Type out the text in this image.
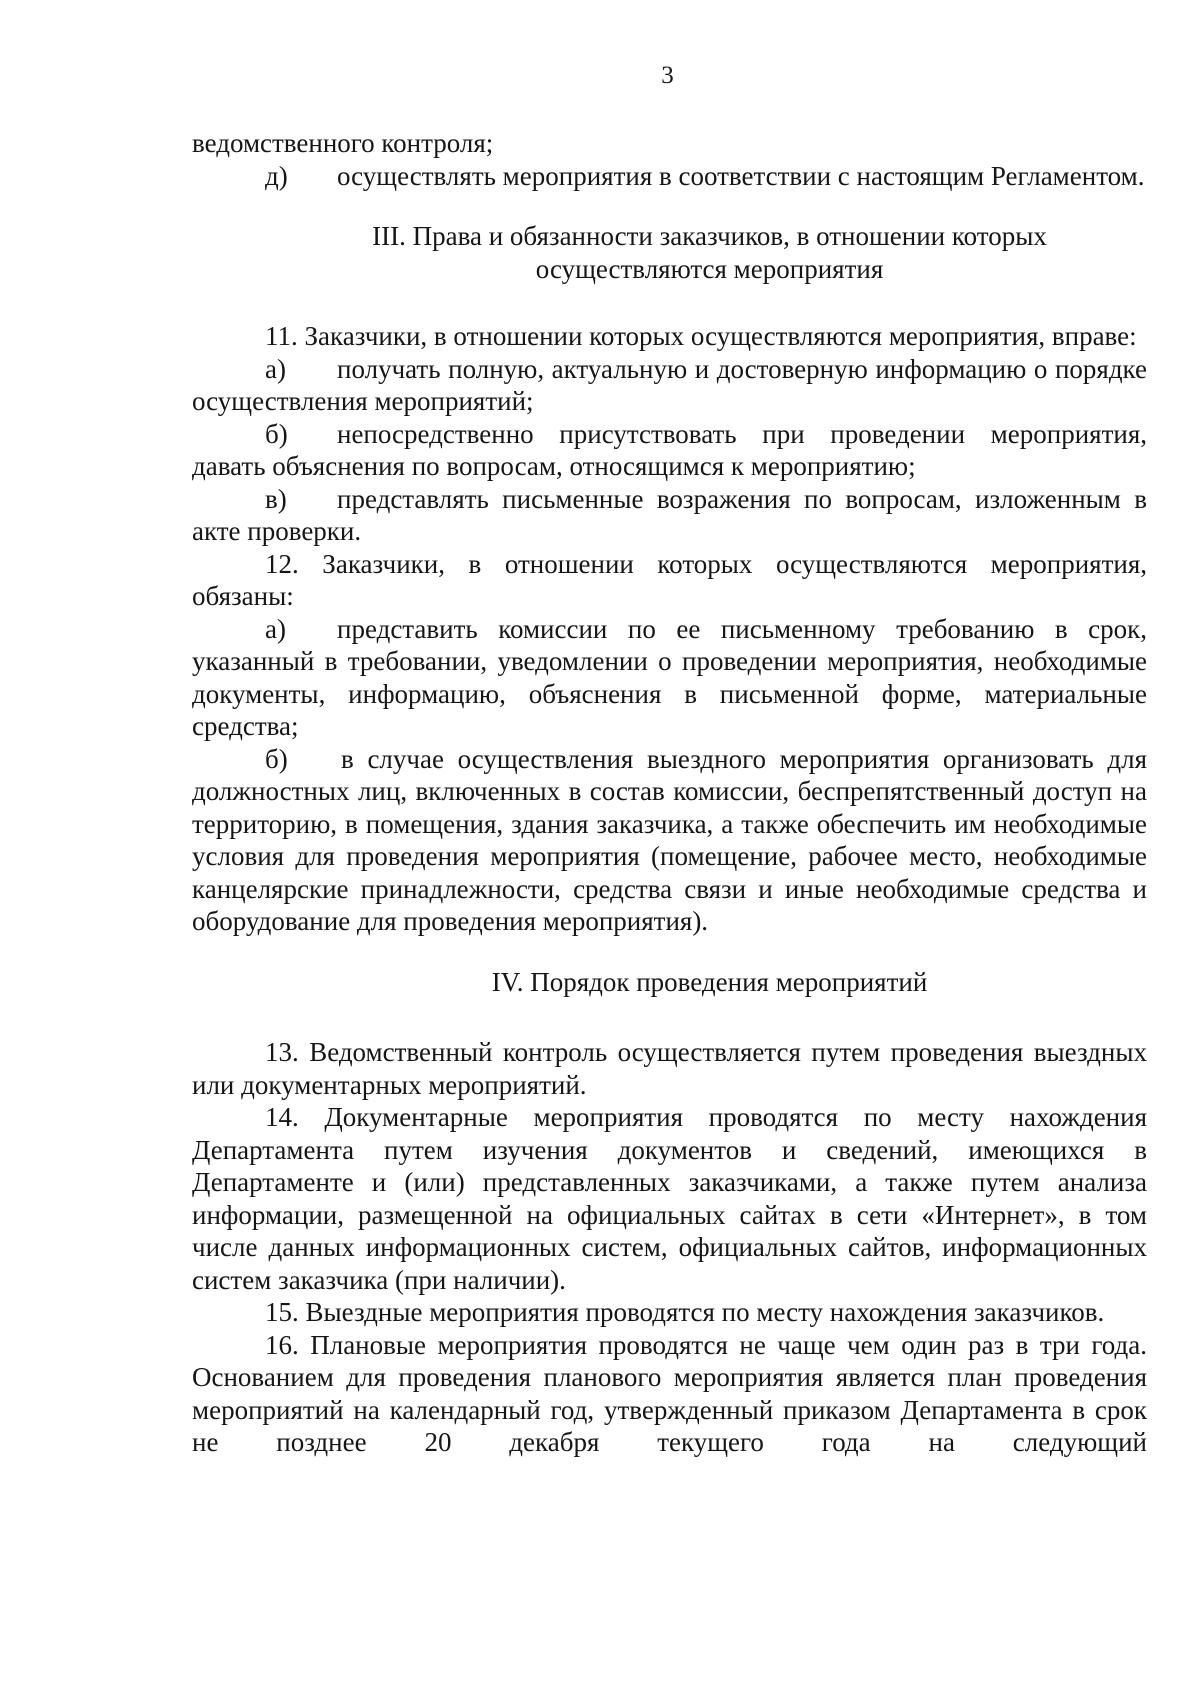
3

ведомственного контроля;

д) осуществлять мероприятия в соответствии с настоящим Регламентом.

III. Права и обязанности заказчиков, в отношении которых
осуществляются мероприятия

11. Заказчики, в отношении которых осуществляются мероприятия, вправе:

а) получать полную, актуальную и достоверную информацию о порядке осуществления мероприятий;

б) непосредственно присутствовать при проведении мероприятия, давать объяснения по вопросам, относящимся к мероприятию;

в) представлять письменные возражения по вопросам, изложенным в акте проверки.

12. Заказчики, в отношении которых осуществляются мероприятия, обязаны:

а) представить комиссии по ее письменному требованию в срок, указанный в требовании, уведомлении о проведении мероприятия, необходимые документы, информацию, объяснения в письменной форме, материальные средства;

б) в случае осуществления выездного мероприятия организовать для должностных лиц, включенных в состав комиссии, беспрепятственный доступ на территорию, в помещения, здания заказчика, а также обеспечить им необходимые условия для проведения мероприятия (помещение, рабочее место, необходимые канцелярские принадлежности, средства связи и иные необходимые средства и оборудование для проведения мероприятия).

IV. Порядок проведения мероприятий

13. Ведомственный контроль осуществляется путем проведения выездных или документарных мероприятий.

14. Документарные мероприятия проводятся по месту нахождения Департамента путем изучения документов и сведений, имеющихся в Департаменте и (или) представленных заказчиками, а также путем анализа информации, размещенной на официальных сайтах в сети «Интернет», в том числе данных информационных систем, официальных сайтов, информационных систем заказчика (при наличии).

15. Выездные мероприятия проводятся по месту нахождения заказчиков.

16. Плановые мероприятия проводятся не чаще чем один раз в три года. Основанием для проведения планового мероприятия является план проведения мероприятий на календарный год, утвержденный приказом Департамента в срок не позднее 20 декабря текущего года на следующий
